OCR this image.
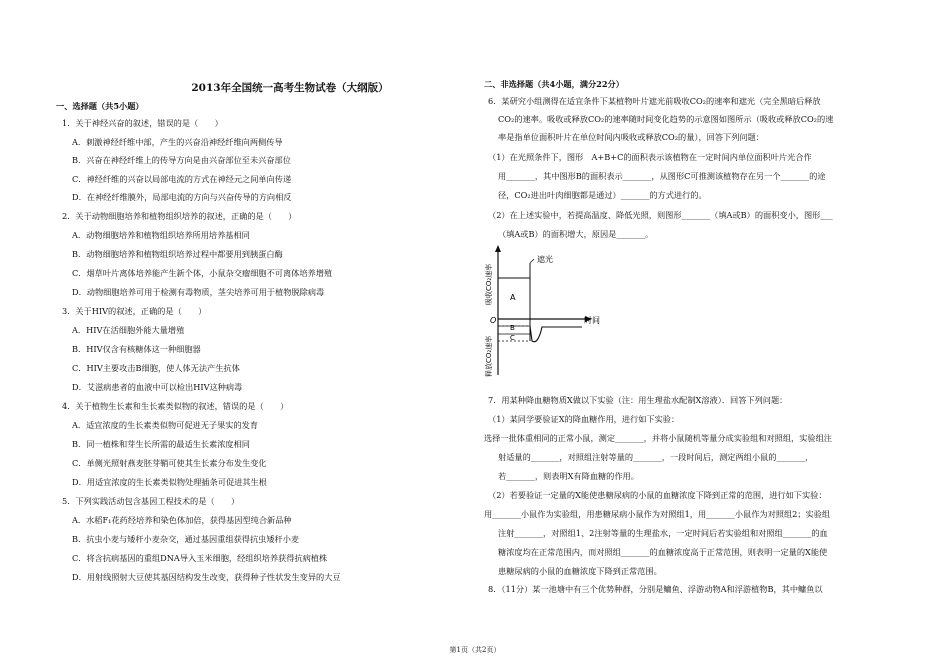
2013年全国统一高考生物试卷（大纲版）
一、选择题（共5小题）
1．关于神经兴奋的叙述，错误的是（　　）
A．刺激神经纤维中部，产生的兴奋沿神经纤维向两侧传导
B．兴奋在神经纤维上的传导方向是由兴奋部位至未兴奋部位
C．神经纤维的兴奋以局部电流的方式在神经元之间单向传递
D．在神经纤维膜外，局部电流的方向与兴奋传导的方向相反
2．关于动物细胞培养和植物组织培养的叙述，正确的是（　　）
A．动物细胞培养和植物组织培养所用培养基相同
B．动物细胞培养和植物组织培养过程中都要用到胰蛋白酶
C．烟草叶片离体培养能产生新个体，小鼠杂交瘤细胞不可离体培养增殖
D．动物细胞培养可用于检测有毒物质，茎尖培养可用于植物脱除病毒
3．关于HIV的叙述，正确的是（　　）
A．HIV在活细胞外能大量增殖
B．HIV仅含有核糖体这一种细胞器
C．HIV主要攻击B细胞，使人体无法产生抗体
D．艾滋病患者的血液中可以检出HIV这种病毒
4．关于植物生长素和生长素类似物的叙述，错误的是（　　）
A．适宜浓度的生长素类似物可促进无子果实的发育
B．同一植株和芽生长所需的最适生长素浓度相同
C．单侧光照射燕麦胚芽鞘可使其生长素分布发生变化
D．用适宜浓度的生长素类似物处理插条可促进其生根
5．下列实践活动包含基因工程技术的是（　　）
A．水稻F₁花药经培养和染色体加倍，获得基因型纯合新品种
B．抗虫小麦与矮秆小麦杂交，通过基因重组获得抗虫矮秆小麦
C．将含抗病基因的重组DNA导入玉米细胞，经组织培养获得抗病植株
D．用射线照射大豆使其基因结构发生改变，获得种子性状发生变异的大豆
二、非选择题（共4小题，满分22分）
6．某研究小组测得在适宜条件下某植物叶片遮光前吸收CO₂的速率和遮光（完全黑暗后释放
CO₂的速率。吸收或释放CO₂的速率随时间变化趋势的示意图如图所示（吸收或释放CO₂的速
率是指单位面积叶片在单位时间内吸收或释放CO₂的量），回答下列问题：
（1）在光照条件下，图形　A+B+C的面积表示该植物在一定时间内单位面积叶片光合作
用_______，其中图形B的面积表示_______，从图形C可推测该植物存在另一个_______的途
径，CO₂进出叶肉细胞都是通过）_______的方式进行的。
（2）在上述实验中，若提高温度、降低光照，则图形_______（填A或B）的面积变小，图形___
（填A或B）的面积增大，原因是_______。
遮光
时间
O
A
B
C
吸收CO₂速率
释放CO₂速率
7．用某种降血糖物质X做以下实验（注：用生理盐水配制X溶液）．回答下列问题：
（1）某同学要验证X的降血糖作用，进行如下实验：
选择一批体重相同的正常小鼠，测定_______，并将小鼠随机等量分成实验组和对照组，实验组注
射适量的_______，对照组注射等量的_______，一段时间后，测定两组小鼠的_______，
若_______，则表明X有降血糖的作用。
（2）若要验证一定量的X能使患糖尿病的小鼠的血糖浓度下降到正常的范围，进行如下实验：
用_______小鼠作为实验组，用患糖尿病小鼠作为对照组1，用_______小鼠作为对照组2；实验组
注射_______，对照组1、2注射等量的生理盐水，一定时间后若实验组和对照组_______的血
糖浓度均在正常范围内，而对照组_______的血糖浓度高于正常范围，则表明一定量的X能使
患糖尿病的小鼠的血糖浓度下降到正常范围。
8．（11分）某一池塘中有三个优势种群，分别是鳙鱼、浮游动物A和浮游植物B，其中鳙鱼以
第1页（共2页）
